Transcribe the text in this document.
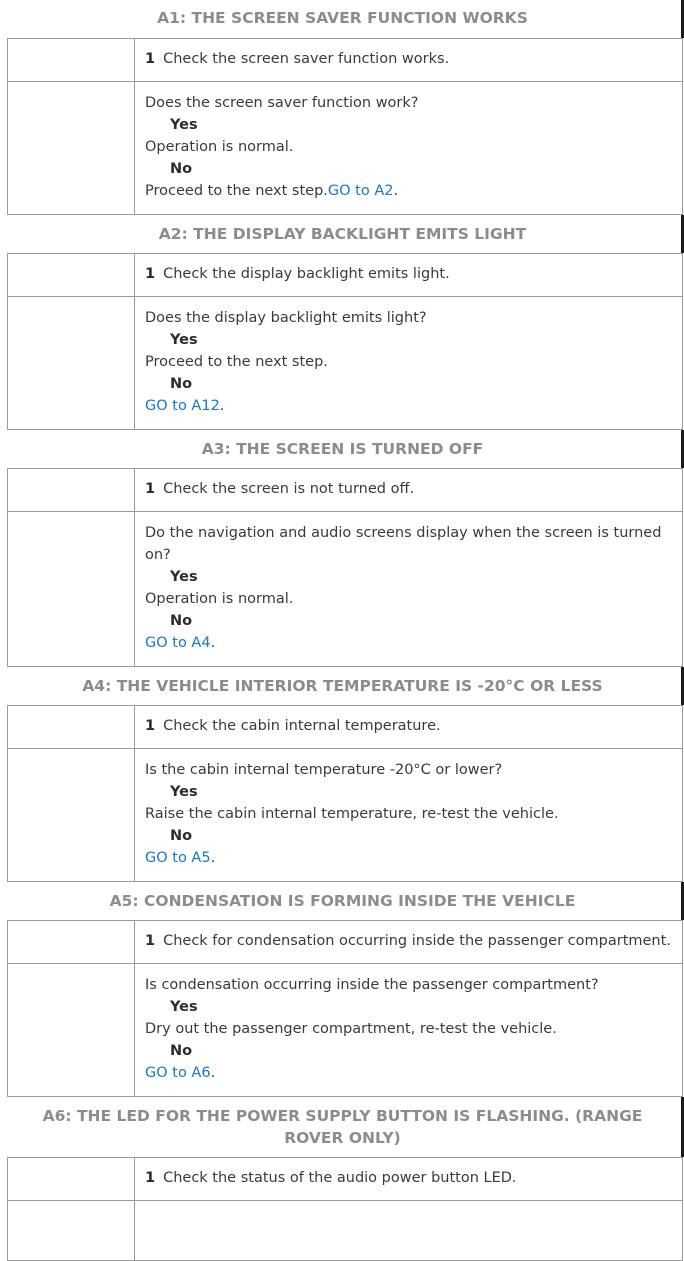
A1: THE SCREEN SAVER FUNCTION WORKS
	1 Check the screen saver function works.

	Does the screen saver function work?
Yes
Operation is normal.
No
Proceed to the next step.GO to A2.
A2: THE DISPLAY BACKLIGHT EMITS LIGHT
	1 Check the display backlight emits light.

	Does the display backlight emits light?
Yes
Proceed to the next step.
No
GO to A12.
A3: THE SCREEN IS TURNED OFF
	1 Check the screen is not turned off.

	Do the navigation and audio screens display when the screen is turned on?
Yes
Operation is normal.
No
GO to A4.
A4: THE VEHICLE INTERIOR TEMPERATURE IS -20°C OR LESS
	1 Check the cabin internal temperature.

	Is the cabin internal temperature -20°C or lower?
Yes
Raise the cabin internal temperature, re-test the vehicle.
No
GO to A5.
A5: CONDENSATION IS FORMING INSIDE THE VEHICLE
	1 Check for condensation occurring inside the passenger compartment.

	Is condensation occurring inside the passenger compartment?
Yes
Dry out the passenger compartment, re-test the vehicle.
No
GO to A6.
A6: THE LED FOR THE POWER SUPPLY BUTTON IS FLASHING. (RANGE ROVER ONLY)
	1 Check the status of the audio power button LED.
